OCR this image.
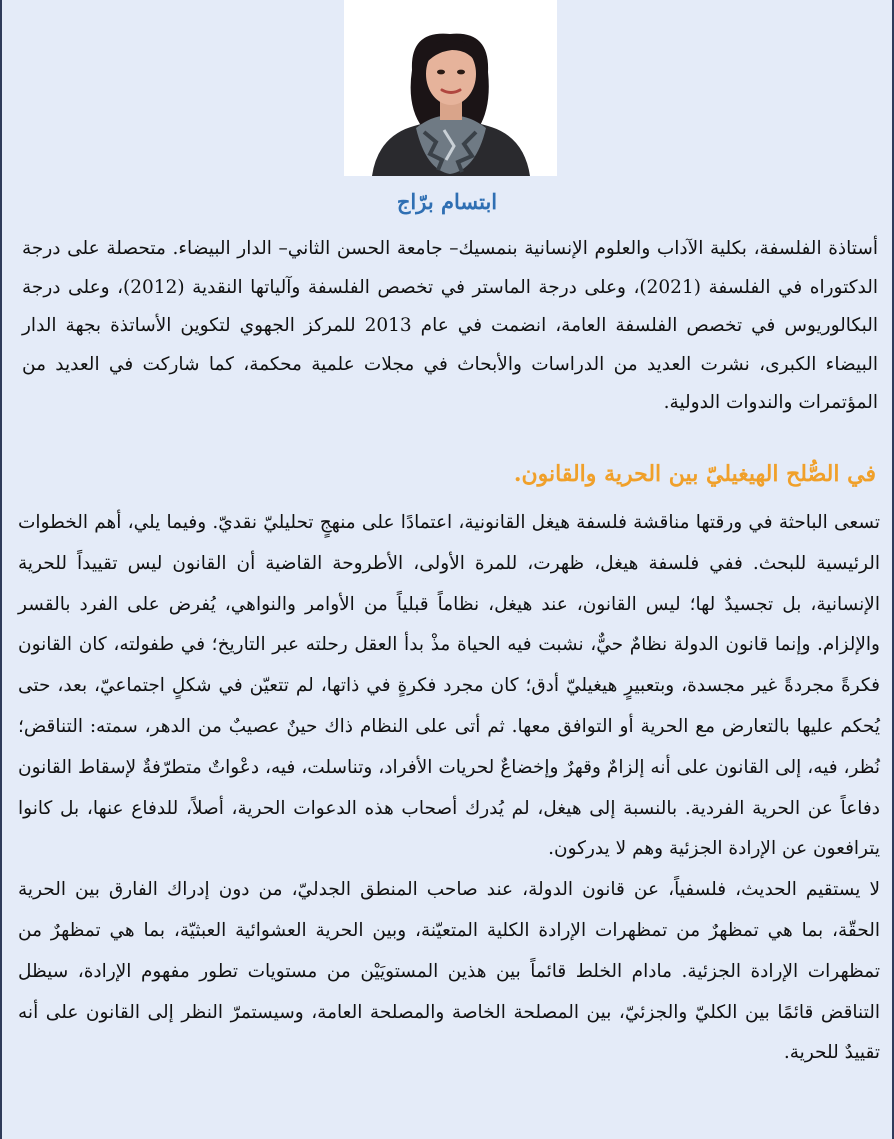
ابتسام برّاج
أستاذة الفلسفة، بكلية الآداب والعلوم الإنسانية بنمسيك– جامعة الحسن الثاني– الدار البيضاء. متحصلة على درجة الدكتوراه في الفلسفة (2021)، وعلى درجة الماستر في تخصص الفلسفة وآلياتها النقدية (2012)، وعلى درجة البكالوريوس في تخصص الفلسفة العامة، انضمت في عام 2013 للمركز الجهوي لتكوين الأساتذة بجهة الدار البيضاء الكبرى، نشرت العديد من الدراسات والأبحاث في مجلات علمية محكمة، كما شاركت في العديد من المؤتمرات والندوات الدولية.
في الصُّلح الهيغيليّ بين الحرية والقانون.

تسعى الباحثة في ورقتها مناقشة فلسفة هيغل القانونية، اعتمادًا على منهجٍ تحليليّ نقديّ. وفيما يلي، أهم الخطوات الرئيسية للبحث. ففي فلسفة هيغل، ظهرت، للمرة الأولى، الأطروحة القاضية أن القانون ليس تقييداً للحرية الإنسانية، بل تجسيدٌ لها؛ ليس القانون، عند هيغل، نظاماً قبلياً من الأوامر والنواهي، يُفرض على الفرد بالقسر والإلزام. وإنما قانون الدولة نظامٌ حيٌّ، نشبت فيه الحياة مذْ بدأ العقل رحلته عبر التاريخ؛ في طفولته، كان القانون فكرةً مجردةً غير مجسدة، وبتعبيرٍ هيغيليّ أدق؛ كان مجرد فكرةٍ في ذاتها، لم تتعيّن في شكلٍ اجتماعيّ، بعد، حتى يُحكم عليها بالتعارض مع الحرية أو التوافق معها. ثم أتى على النظام ذاك حينٌ عصيبٌ من الدهر، سمته: التناقض؛ نُظر، فيه، إلى القانون على أنه إلزامٌ وقهرٌ وإخضاعٌ لحريات الأفراد، وتناسلت، فيه، دعْواتٌ متطرّفةٌ لإسقاط القانون دفاعاً عن الحرية الفردية. بالنسبة إلى هيغل، لم يُدرك أصحاب هذه الدعوات الحرية، أصلاً، للدفاع عنها، بل كانوا يترافعون عن الإرادة الجزئية وهم لا يدركون.

لا يستقيم الحديث، فلسفياً، عن قانون الدولة، عند صاحب المنطق الجدليّ، من دون إدراك الفارق بين الحرية الحقّة، بما هي تمظهرٌ من تمظهرات الإرادة الكلية المتعيّنة، وبين الحرية العشوائية العبثيّة، بما هي تمظهرٌ من تمظهرات الإرادة الجزئية. مادام الخلط قائماً بين هذين المستويَيْن من مستويات تطور مفهوم الإرادة، سيظل التناقض قائمًا بين الكليّ والجزئيّ، بين المصلحة الخاصة والمصلحة العامة، وسيستمرّ النظر إلى القانون على أنه تقييدٌ للحرية.
